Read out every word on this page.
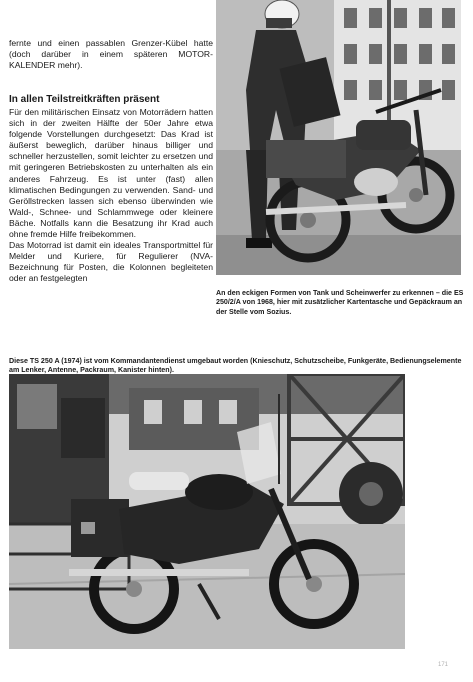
fernte und einen passablen Grenzer-Kübel hatte (doch darüber in einem späteren MOTOR-KALENDER mehr).

In allen Teilstreitkräften präsent

Für den militärischen Einsatz von Motorrädern hatten sich in der zweiten Hälfte der 50er Jahre etwa folgende Vorstellungen durchgesetzt: Das Krad ist äußerst beweglich, darüber hinaus billiger und schneller herzustellen, somit leichter zu ersetzen und mit geringeren Betriebskosten zu unterhalten als ein anderes Fahrzeug. Es ist unter (fast) allen klimatischen Bedingungen zu verwenden. Sand- und Geröllstrecken lassen sich ebenso überwinden wie Wald-, Schnee- und Schlammwege oder kleinere Bäche. Notfalls kann die Besatzung ihr Krad auch ohne fremde Hilfe freibekommen.

Das Motorrad ist damit ein ideales Transportmittel für Melder und Kuriere, für Regulierer (NVA-Bezeichnung für Posten, die Kolonnen begleiteten oder an festgelegten

An den eckigen Formen von Tank und Scheinwerfer zu erkennen – die ES 250/2/A von 1968, hier mit zusätzlicher Kartentasche und Gepäckraum an der Stelle vom Sozius.
Diese TS 250 A (1974) ist vom Kommandantendienst umgebaut worden (Knieschutz, Schutzscheibe, Funkgeräte, Bedienungselemente am Lenker, Antenne, Packraum, Kanister hinten).
171
